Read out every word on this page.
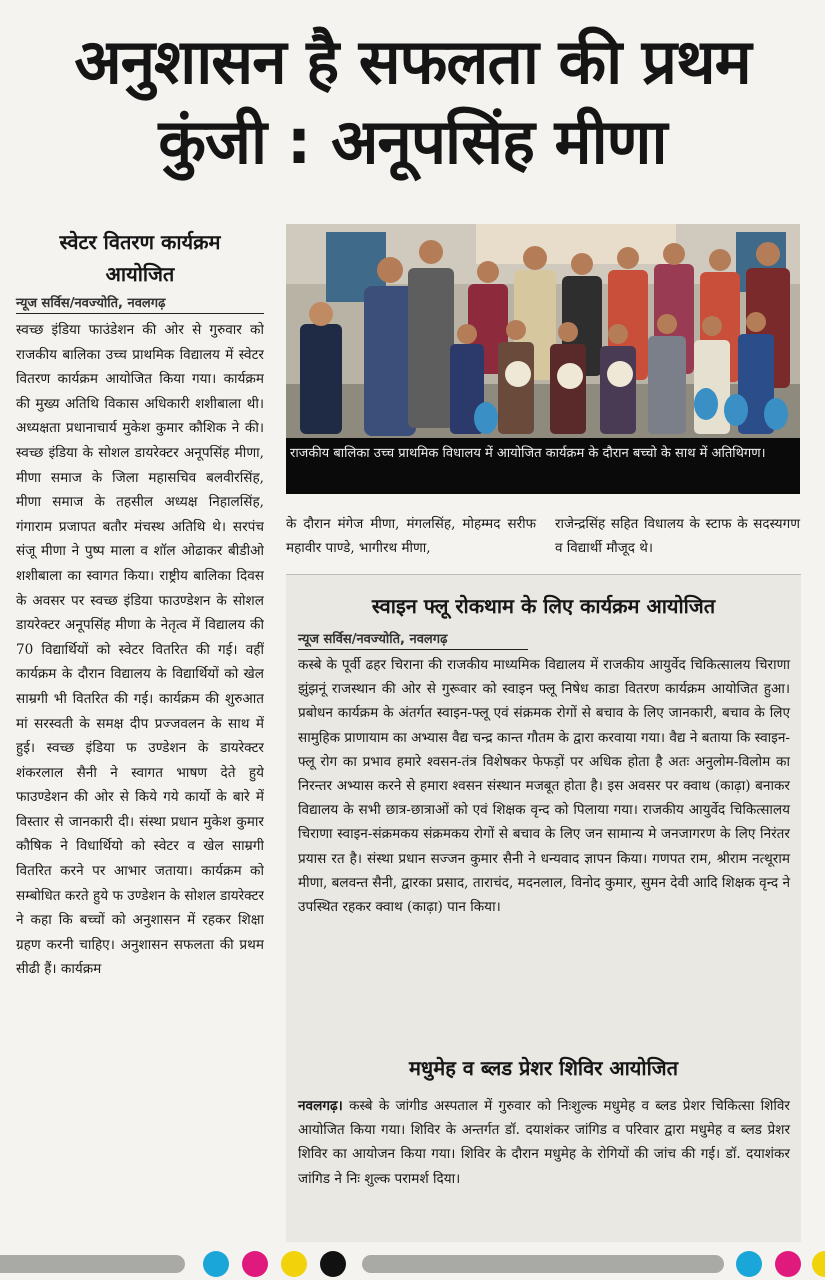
अनुशासन है सफलता की प्रथम
कुंजी : अनूपसिंह मीणा
स्वेटर वितरण कार्यक्रम
आयोजित
न्यूज सर्विस/नवज्योति, नवलगढ़
स्वच्छ इंडिया फाउंडेशन की ओर से गुरुवार को राजकीय बालिका उच्च प्राथमिक विद्यालय में स्वेटर वितरण कार्यक्रम आयोजित किया गया। कार्यक्रम की मुख्य अतिथि विकास अधिकारी शशीबाला थी। अध्यक्षता प्रधानाचार्य मुकेश कुमार कौशिक ने की। स्वच्छ इंडिया के सोशल डायरेक्टर अनूपसिंह मीणा, मीणा समाज के जिला महासचिव बलवीरसिंह, मीणा समाज के तहसील अध्यक्ष निहालसिंह, गंगाराम प्रजापत बतौर मंचस्थ अतिथि थे। सरपंच संजू मीणा ने पुष्प माला व शॉल ओढाकर बीडीओ शशीबाला का स्वागत किया। राष्ट्रीय बालिका दिवस के अवसर पर स्वच्छ इंडिया फाउण्डेशन के सोशल डायरेक्टर अनूपसिंह मीणा के नेतृत्व में विद्यालय की 70 विद्यार्थियों को स्वेटर वितरित की गई। वहीं कार्यक्रम के दौरान विद्यालय के विद्यार्थियों को खेल साम्रगी भी वितरित की गई। कार्यक्रम की शुरुआत मां सरस्वती के समक्ष दीप प्रज्जवलन के साथ में हुई। स्वच्छ इंडिया फ उण्डेशन के डायरेक्टर शंकरलाल सैनी ने स्वागत भाषण देते हुये फाउण्डेशन की ओर से किये गये कार्यो के बारे में विस्तार से जानकारी दी। संस्था प्रधान मुकेश कुमार कौषिक ने विधार्थियो को स्वेटर व खेल साम्रगी वितरित करने पर आभार जताया। कार्यक्रम को सम्बोधित करते हुये फ उण्डेशन के सोशल डायरेक्टर ने कहा कि बच्चों को अनुशासन में रहकर शिक्षा ग्रहण करनी चाहिए। अनुशासन सफलता की प्रथम सीढी हैं। कार्यक्रम
राजकीय बालिका उच्च प्राथमिक विधालय में आयोजित कार्यक्रम के दौरान बच्चो के साथ में अतिथिगण।
के दौरान मंगेज मीणा, मंगलसिंह, मोहम्मद सरीफ महावीर पाण्डे, भागीरथ मीणा,
राजेन्द्रसिंह सहित विधालय के स्टाफ के सदस्यगण व विद्यार्थी मौजूद थे।
स्वाइन फ्लू रोकथाम के लिए कार्यक्रम आयोजित
न्यूज सर्विस/नवज्योति, नवलगढ़
कस्बे के पूर्वी ढहर चिराना की राजकीय माध्यमिक विद्यालय में राजकीय आयुर्वेद चिकित्सालय चिराणा झुंझनूं राजस्थान की ओर से गुरूवार को स्वाइन फ्लू निषेध काडा वितरण कार्यक्रम आयोजित हुआ। प्रबोधन कार्यक्रम के अंतर्गत स्वाइन-फ्लू एवं संक्रमक रोगों से बचाव के लिए जानकारी, बचाव के लिए सामुहिक प्राणायाम का अभ्यास वैद्य चन्द्र कान्त गौतम के द्वारा करवाया गया। वैद्य ने बताया कि स्वाइन-फ्लू रोग का प्रभाव हमारे श्वसन-तंत्र विशेषकर फेफड़ों पर अधिक होता है अतः अनुलोम-विलोम का निरन्तर अभ्यास करने से हमारा श्वसन संस्थान मजबूत होता है। इस अवसर पर क्वाथ (काढ़ा) बनाकर विद्यालय के सभी छात्र-छात्राओं को एवं शिक्षक वृन्द को पिलाया गया। राजकीय आयुर्वेद चिकित्सालय चिराणा स्वाइन-संक्रमकय संक्रमकय रोगों से बचाव के लिए जन सामान्य मे जनजागरण के लिए निरंतर प्रयास रत है। संस्था प्रधान सज्जन कुमार सैनी ने धन्यवाद ज्ञापन किया। गणपत राम, श्रीराम नत्थूराम मीणा, बलवन्त सैनी, द्वारका प्रसाद, ताराचंद, मदनलाल, विनोद कुमार, सुमन देवी आदि शिक्षक वृन्द ने उपस्थित रहकर क्वाथ (काढ़ा) पान किया।
मधुमेह व ब्लड प्रेशर शिविर आयोजित
नवलगढ़। कस्बे के जांगीड अस्पताल में गुरुवार को निःशुल्क मधुमेह व ब्लड प्रेशर चिकित्सा शिविर आयोजित किया गया। शिविर के अन्तर्गत डॉ. दयाशंकर जांगिड व परिवार द्वारा मधुमेह व ब्लड प्रेशर शिविर का आयोजन किया गया। शिविर के दौरान मधुमेह के रोगियों की जांच की गई। डॉ. दयाशंकर जांगिड ने निः शुल्क परामर्श दिया।
